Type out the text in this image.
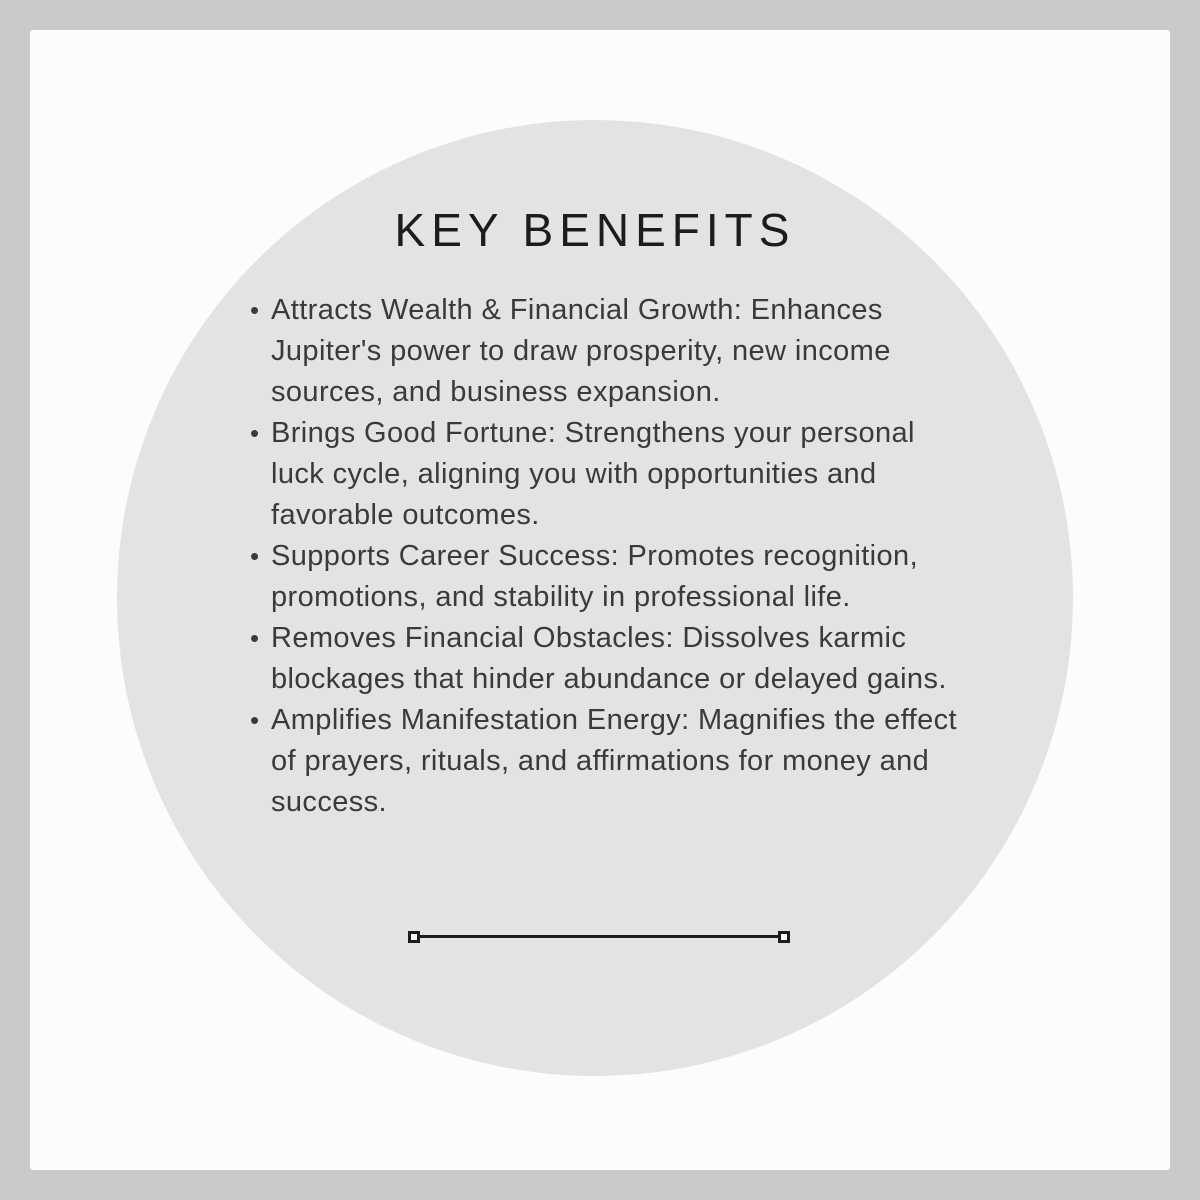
KEY BENEFITS
• Attracts Wealth & Financial Growth: Enhances Jupiter's power to draw prosperity, new income sources, and business expansion.
• Brings Good Fortune: Strengthens your personal luck cycle, aligning you with opportunities and favorable outcomes.
• Supports Career Success: Promotes recognition, promotions, and stability in professional life.
• Removes Financial Obstacles: Dissolves karmic blockages that hinder abundance or delayed gains.
• Amplifies Manifestation Energy: Magnifies the effect of prayers, rituals, and affirmations for money and success.
